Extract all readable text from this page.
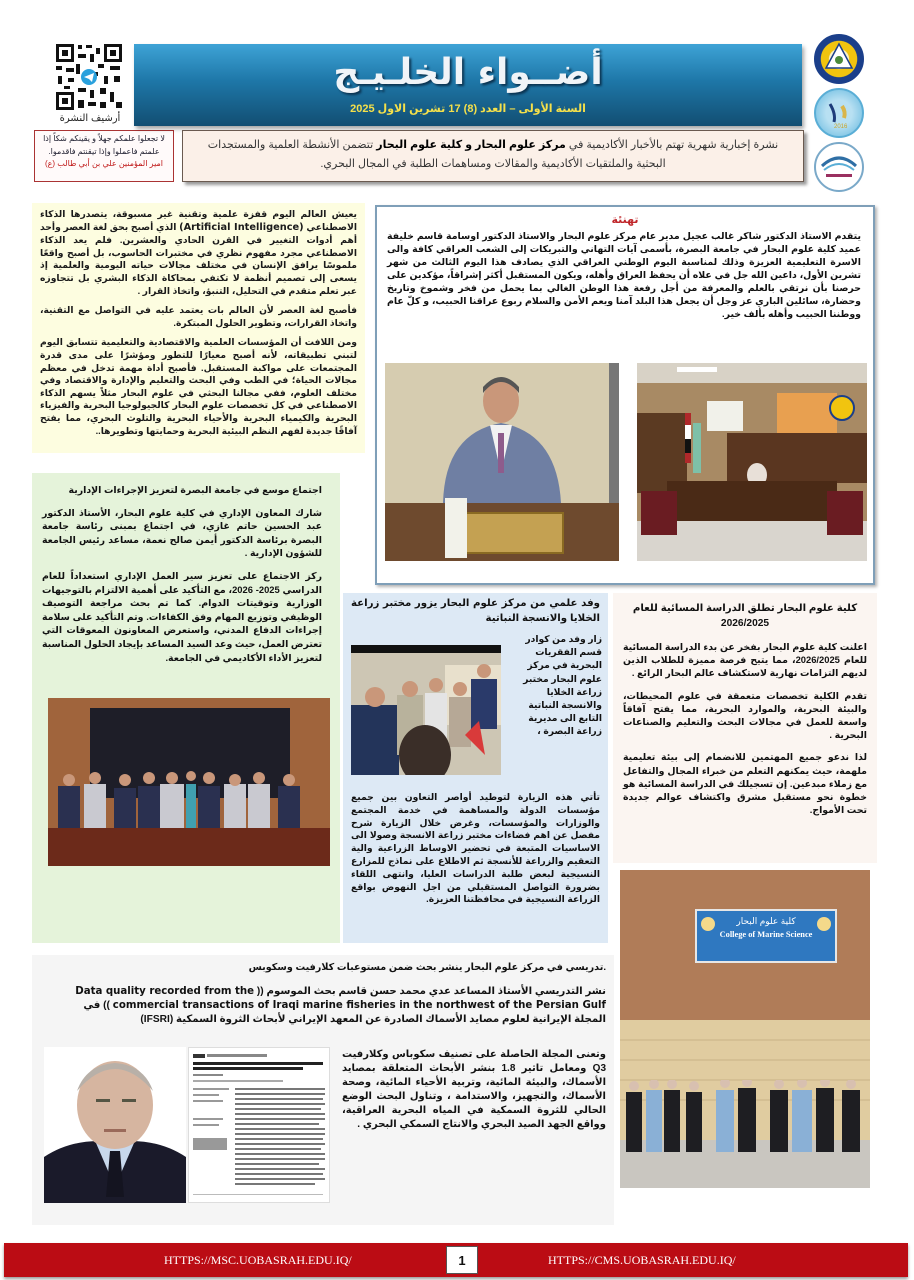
أرشيف النشرة
لا تجعلوا علمكم جهلاً و يقينكم شكاً إذا علمتم فاعملوا وإذا تيقنتم فاقدموا.
امير المؤمنين علي بن أبي طالب (ع)
أضــواء الخلـيـج
السنة الأولى – العدد (8) 17 تشرين الاول 2025
نشرة إخبارية شهرية تهتم بالأخبار الأكاديمية في مركز علوم البحار و كلية علوم البحار تتضمن الأنشطة العلمية والمستجدات البحثية والملتقيات الأكاديمية والمقالات ومساهمات الطلبة في المجال البحري.
2016

يعيش العالم اليوم قفزة علمية وتقنية غير مسبوقة، يتصدرها الذكاء الاصطناعي (Artificial Intelligence) الذي أصبح بحق لغة العصر وأحد أهم أدوات التغيير في القرن الحادي والعشرين. فلم يعد الذكاء الاصطناعي مجرد مفهوم نظري في مختبرات الحاسوب، بل أصبح واقعًا ملموسًا يرافق الإنسان في مختلف مجالات حياته اليومية والعلمية إذ يسعى إلى تصميم أنظمة لا تكتفي بمحاكاة الذكاء البشري بل تتجاوزه عبر تعلم متقدم في التحليل، التنبؤ، واتخاذ القرار .

فأصبح لغة العصر لأن العالم بات يعتمد عليه في التواصل مع التقنية، واتخاذ القرارات، وتطوير الحلول المبتكرة.

ومن اللافت أن المؤسسات العلمية والاقتصادية والتعليمية تتسابق اليوم لتبني تطبيقاته، لأنه أصبح معيارًا للتطور ومؤشرًا على مدى قدرة المجتمعات على مواكبة المستقبل. فأصبح أداة مهمة تدخل في معظم مجالات الحياة؛ في الطب وفي البحث والتعليم والإدارة والاقتصاد وفي مختلف العلوم، ففي مجالنا البحثي في علوم البحار مثلاً يسهم الذكاء الاصطناعي في كل تخصصات علوم البحار كالجيولوجيا البحرية والفيزياء البحرية والكيمياء البحرية والأحياء البحرية والتلوث البحري، مما يفتح آفاقًا جديدة لفهم النظم البيئية البحرية وحمايتها وتطويرها..

تهنئة
يتقدم الاستاذ الدكتور شاكر غالب عجيل مدير عام مركز علوم البحار والاستاذ الدكتور اوسامة قاسم خليفة عميد كلية علوم البحار في جامعة البصرة، بأسمى آيات التهاني والتبريكات إلى الشعب العراقي كافة والى الاسرة التعليمية العزيزة وذلك لمناسبة اليوم الوطني العراقي الذي يصادف هذا اليوم الثالث من شهر تشرين الأول، داعين الله جل في علاه أن يحفظ العراق وأهله، ويكون المستقبل أكثر إشراقاً، مؤكدين على حرصنا بأن نرتقي بالعلم والمعرفة من أجل رفعة هذا الوطن الغالي بما يحمل من فخر وشموخ وتاريخ وحضارة، سائلين الباري عز وجل أن يجعل هذا البلد آمنا ويعم الأمن والسلام ربوع عراقنا الحبيب، و كلّ عام ووطننا الحبيب وأهله بألف خير.
اجتماع موسع في جامعة البصرة لتعزيز الإجراءات الإدارية

شارك المعاون الإداري في كلية علوم البحار، الأستاذ الدكتور عبد الحسين حاتم غازي، في اجتماع بمبنى رئاسة جامعة البصرة برئاسة الدكتور أيمن صالح نعمة، مساعد رئيس الجامعة للشؤون الإدارية .

ركز الاجتماع على تعزيز سير العمل الإداري استعداداً للعام الدراسي 2025- 2026، مع التأكيد على أهمية الالتزام بالتوجيهات الوزارية وتوقيتات الدوام. كما تم بحث مراجعة التوصيف الوظيفي وتوزيع المهام وفق الكفاءات. وتم التأكيد على سلامة إجراءات الدفاع المدني، واستعرض المعاونون المعوقات التي تعترض العمل، حيث وعد السيد المساعد بإيجاد الحلول المناسبة لتعزيز الأداء الأكاديمي في الجامعة.

وفد علمي من مركز علوم البحار يزور مختبر زراعة الخلايا والانسجة النباتية
زار وفد من كوادر قسم الفقريات البحرية في مركز علوم البحار مختبر زراعة الخلايا والانسجة النباتية التابع الى مديرية زراعة البصرة ،
تأتي هذه الزيارة لتوطيد أواصر التعاون بين جميع مؤسسات الدولة والمساهمة في خدمة المجتمع والوزارات والمؤسسات، وغرض خلال الزيارة شرح مفصل عن اهم فضاءات مختبر زراعة الانسجة وصولا الى الاساسيات المتبعة في تحضير الاوساط الزراعية والية التعقيم والزراعة للأنسجة ثم الاطلاع على نماذج للمزارع النسيجية لبعض طلبة الدراسات العليا، وانتهى اللقاء بضرورة التواصل المستقبلي من اجل النهوض بواقع الزراعة النسيجية في محافظتنا العزيزة.
كلية علوم البحار تطلق الدراسة المسائية للعام 2026/2025

اعلنت كلية علوم البحار بفخر عن بدء الدراسة المسائية للعام 2026/2025، مما يتيح فرصة مميزة للطلاب الذين لديهم التزامات نهارية لاستكشاف عالم البحار الرائع .

تقدم الكلية تخصصات متعمقة في علوم المحيطات، والبيئة البحرية، والموارد البحرية، مما يفتح آفاقاً واسعة للعمل في مجالات البحث والتعليم والصناعات البحرية .

لذا ندعو جميع المهتمين للانضمام إلى بيئة تعليمية ملهمة، حيث يمكنهم التعلم من خبراء المجال والتفاعل مع زملاء مبدعين. إن تسجيلك في الدراسة المسائية هو خطوة نحو مستقبل مشرق واكتشاف عوالم جديدة تحت الأمواج.

كلية علوم البحار
College of Marine Science
.تدريسي في مركز علوم البحار ينشر بحث ضمن مستوعبات كلارفيت وسكوبس
نشر التدريسي الأستاذ المساعد عدي محمد حسن قاسم بحث الموسوم (( Data quality recorded from the
commercial transactions of Iraqi marine fisheries in the northwest of the Persian Gulf )) في
المجلة الإيرانية لعلوم مصايد الأسماك الصادرة عن المعهد الإيراني لأبحاث الثروة السمكية (IFSRI)
وتعنى المجلة الحاصلة على تصنيف سكوباس وكلارفيت Q3 ومعامل تاثير 1.8 بنشر الأبحاث المتعلقة بمصايد الأسماك، والبيئة المائية، وتربية الأحياء المائية، وصحة الأسماك، والتجهيز، والاستدامة ، وتناول البحث الوضع الحالي للثروة السمكية في المياه البحرية العراقية، وواقع الجهد الصيد البحري والانتاج السمكي البحري .
HTTPS://MSC.UOBASRAH.EDU.IQ/	1	HTTPS://CMS.UOBASRAH.EDU.IQ/
